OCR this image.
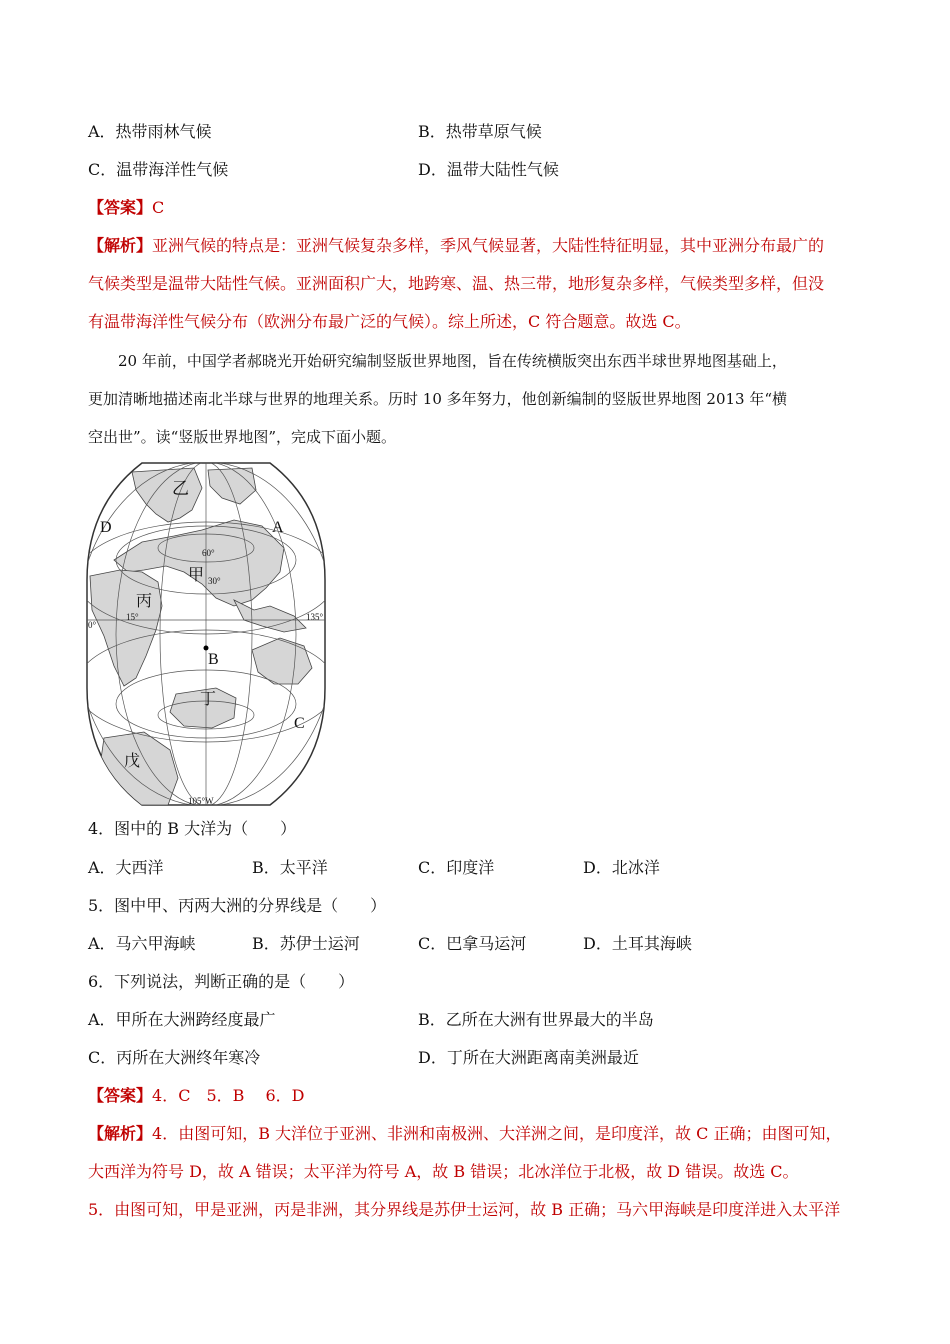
A．热带雨林气候	B．热带草原气候
C．温带海洋性气候	D．温带大陆性气候
【答案】C
【解析】亚洲气候的特点是：亚洲气候复杂多样，季风气候显著，大陆性特征明显，其中亚洲分布最广的
气候类型是温带大陆性气候。亚洲面积广大，地跨寒、温、热三带，地形复杂多样，气候类型多样，但没
有温带海洋性气候分布（欧洲分布最广泛的气候）。综上所述，C 符合题意。故选 C。
20 年前，中国学者郝晓光开始研究编制竖版世界地图，旨在传统横版突出东西半球世界地图基础上，
更加清晰地描述南北半球与世界的地理关系。历时 10 多年努力，他创新编制的竖版世界地图 2013 年“横
空出世”。读“竖版世界地图”，完成下面小题。
乙
D	A
60°
甲 30°
丙
15°	135°
0°
B
丁
C
戊
105°W
4．图中的 B 大洋为（　　）
A．大西洋	B．太平洋	C．印度洋	D．北冰洋
5．图中甲、丙两大洲的分界线是（　　）
A．马六甲海峡	B．苏伊士运河	C．巴拿马运河	D．土耳其海峡
6．下列说法，判断正确的是（　　）
A．甲所在大洲跨经度最广	B．乙所在大洲有世界最大的半岛
C．丙所在大洲终年寒冷	D．丁所在大洲距离南美洲最近
【答案】4．C　5．B　 6．D
【解析】4．由图可知，B 大洋位于亚洲、非洲和南极洲、大洋洲之间，是印度洋，故 C 正确；由图可知，
大西洋为符号 D，故 A 错误；太平洋为符号 A，故 B 错误；北冰洋位于北极，故 D 错误。故选 C。
5．由图可知，甲是亚洲，丙是非洲，其分界线是苏伊士运河，故 B 正确；马六甲海峡是印度洋进入太平洋
